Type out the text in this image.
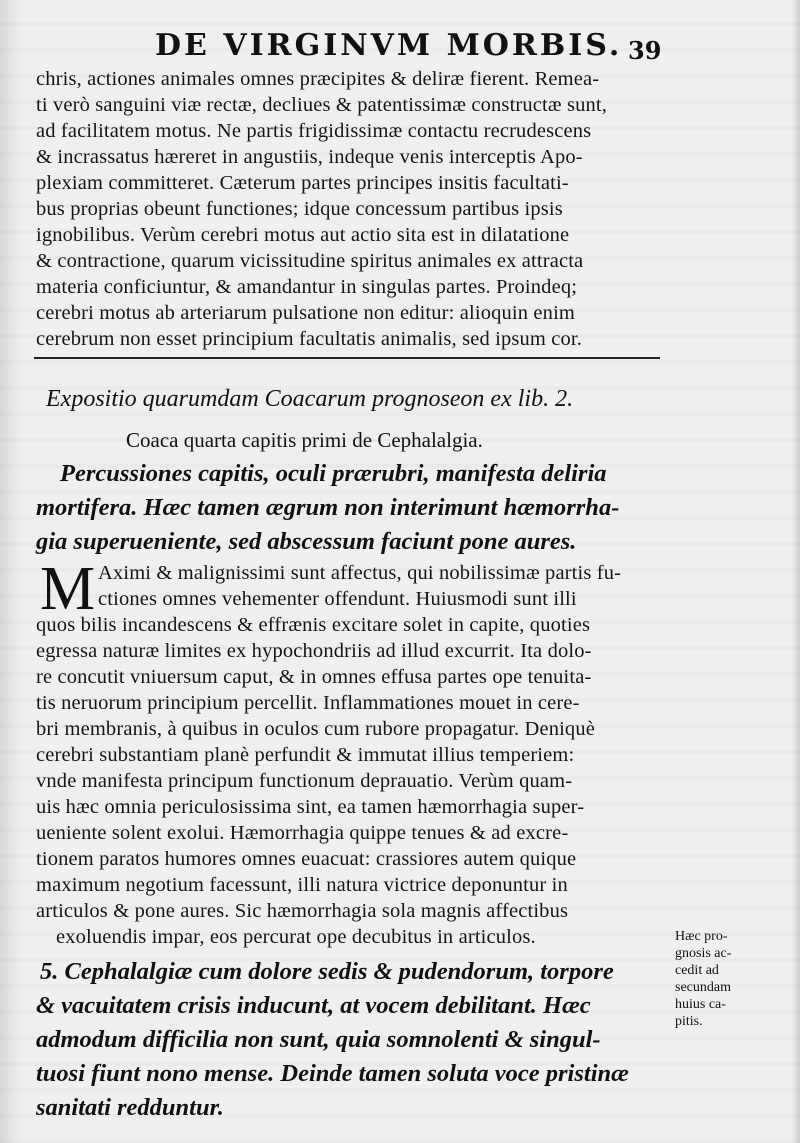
DE VIRGINVM MORBIS. 39
chris, actiones animales omnes præcipites & deliræ fierent. Remea-
ti verò sanguini viæ rectæ, decliues & patentissimæ constructæ sunt,
ad facilitatem motus. Ne partis frigidissimæ contactu recrudescens
& incrassatus hæreret in angustiis, indeque venis interceptis Apo-
plexiam committeret. Cæterum partes principes insitis facultati-
bus proprias obeunt functiones; idque concessum partibus ipsis
ignobilibus. Verùm cerebri motus aut actio sita est in dilatatione
& contractione, quarum vicissitudine spiritus animales ex attracta
materia conficiuntur, & amandantur in singulas partes. Proindeq;
cerebri motus ab arteriarum pulsatione non editur: alioquin enim
cerebrum non esset principium facultatis animalis, sed ipsum cor.
Expositio quarumdam Coacarum prognoseon ex lib. 2.
Coaca quarta capitis primi de Cephalalgia.
Percussiones capitis, oculi prærubri, manifesta deliria
mortifera. Hæc tamen ægrum non interimunt hæmorrha-
gia superueniente, sed abscessum faciunt pone aures.
M Aximi & malignissimi sunt affectus, qui nobilissimæ partis fu-
ctiones omnes vehementer offendunt. Huiusmodi sunt illi
quos bilis incandescens & effrænis excitare solet in capite, quoties
egressa naturæ limites ex hypochondriis ad illud excurrit. Ita dolo-
re concutit vniuersum caput, & in omnes effusa partes ope tenuita-
tis neruorum principium percellit. Inflammationes mouet in cere-
bri membranis, à quibus in oculos cum rubore propagatur. Deniquè
cerebri substantiam planè perfundit & immutat illius temperiem:
vnde manifesta principum functionum deprauatio. Verùm quam-
uis hæc omnia periculosissima sint, ea tamen hæmorrhagia super-
ueniente solent exolui. Hæmorrhagia quippe tenues & ad excre-
tionem paratos humores omnes euacuat: crassiores autem quique
maximum negotium facessunt, illi natura victrice deponuntur in
articulos & pone aures. Sic hæmorrhagia sola magnis affectibus
exoluendis impar, eos percurat ope decubitus in articulos.
5. Cephalalgiæ cum dolore sedis & pudendorum, torpore
& vacuitatem crisis inducunt, at vocem debilitant. Hæc
admodum difficilia non sunt, quia somnolenti & singul-
tuosi fiunt nono mense. Deinde tamen soluta voce pristinæ
sanitati redduntur.
Hæc pro-
gnosis ac-
cedit ad
secundam
huius ca-
pitis.
